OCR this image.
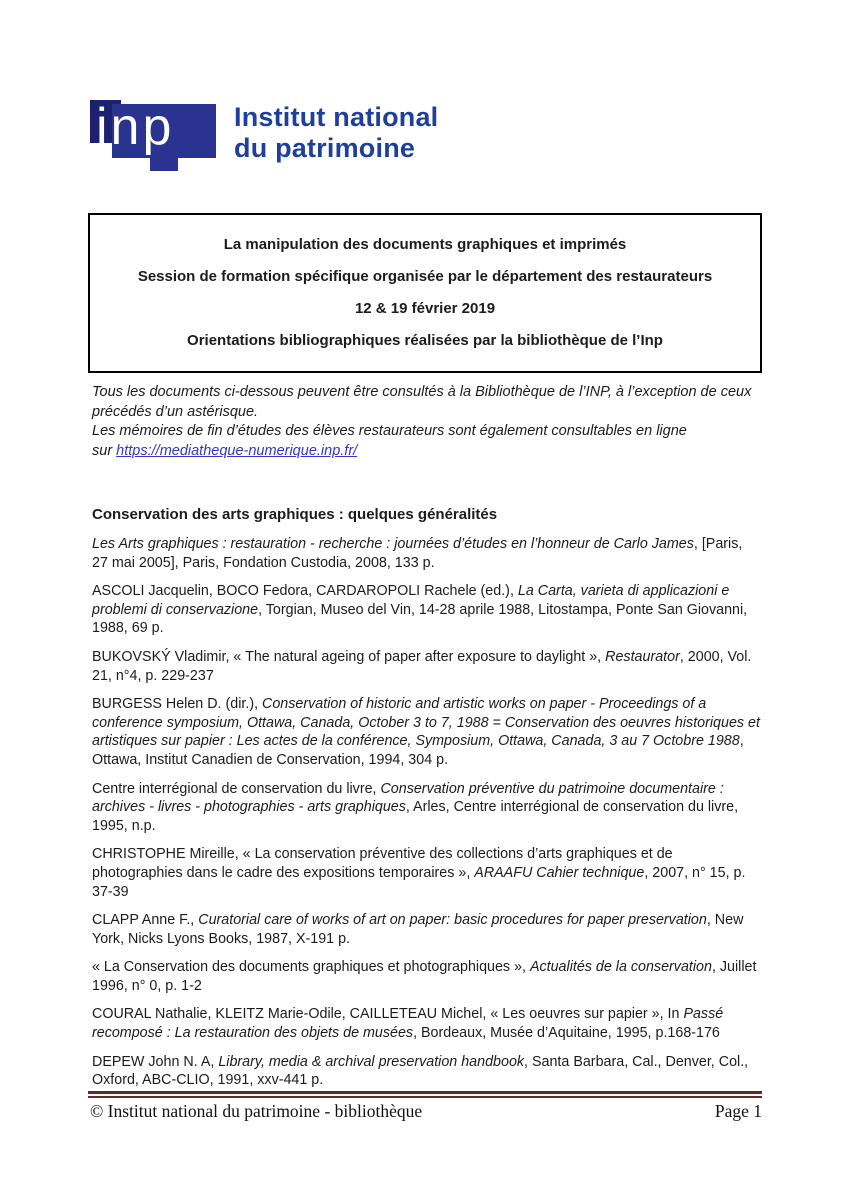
inp Institut national
du patrimoine

La manipulation des documents graphiques et imprimés

Session de formation spécifique organisée par le département des restaurateurs

12 & 19 février 2019

Orientations bibliographiques réalisées par la bibliothèque de l’Inp

Tous les documents ci-dessous peuvent être consultés à la Bibliothèque de l’INP, à l’exception de ceux précédés d’un astérisque.

Les mémoires de fin d’études des élèves restaurateurs sont également consultables en ligne

sur https://mediatheque-numerique.inp.fr/

Conservation des arts graphiques : quelques généralités

Les Arts graphiques : restauration - recherche : journées d’études en l’honneur de Carlo James, [Paris, 27 mai 2005], Paris, Fondation Custodia, 2008, 133 p.

ASCOLI Jacquelin, BOCO Fedora, CARDAROPOLI Rachele (ed.), La Carta, varieta di applicazioni e problemi di conservazione, Torgian, Museo del Vin, 14-28 aprile 1988, Litostampa, Ponte San Giovanni, 1988, 69 p.

BUKOVSKÝ Vladimir, « The natural ageing of paper after exposure to daylight », Restaurator, 2000, Vol. 21, n°4, p. 229-237

BURGESS Helen D. (dir.), Conservation of historic and artistic works on paper - Proceedings of a conference symposium, Ottawa, Canada, October 3 to 7, 1988 = Conservation des oeuvres historiques et artistiques sur papier : Les actes de la conférence, Symposium, Ottawa, Canada, 3 au 7 Octobre 1988, Ottawa, Institut Canadien de Conservation, 1994, 304 p.

Centre interrégional de conservation du livre, Conservation préventive du patrimoine documentaire : archives - livres - photographies - arts graphiques, Arles, Centre interrégional de conservation du livre, 1995, n.p.

CHRISTOPHE Mireille, « La conservation préventive des collections d’arts graphiques et de photographies dans le cadre des expositions temporaires », ARAAFU Cahier technique, 2007, n° 15, p. 37-39

CLAPP Anne F., Curatorial care of works of art on paper: basic procedures for paper preservation, New York, Nicks Lyons Books, 1987, X-191 p.

« La Conservation des documents graphiques et photographiques », Actualités de la conservation, Juillet 1996, n° 0, p. 1-2

COURAL Nathalie, KLEITZ Marie-Odile, CAILLETEAU Michel, « Les oeuvres sur papier », In Passé recomposé : La restauration des objets de musées, Bordeaux, Musée d’Aquitaine, 1995, p.168-176

DEPEW John N. A, Library, media & archival preservation handbook, Santa Barbara, Cal., Denver, Col., Oxford, ABC-CLIO, 1991, xxv-441 p.

© Institut national du patrimoine - bibliothèque	Page 1
